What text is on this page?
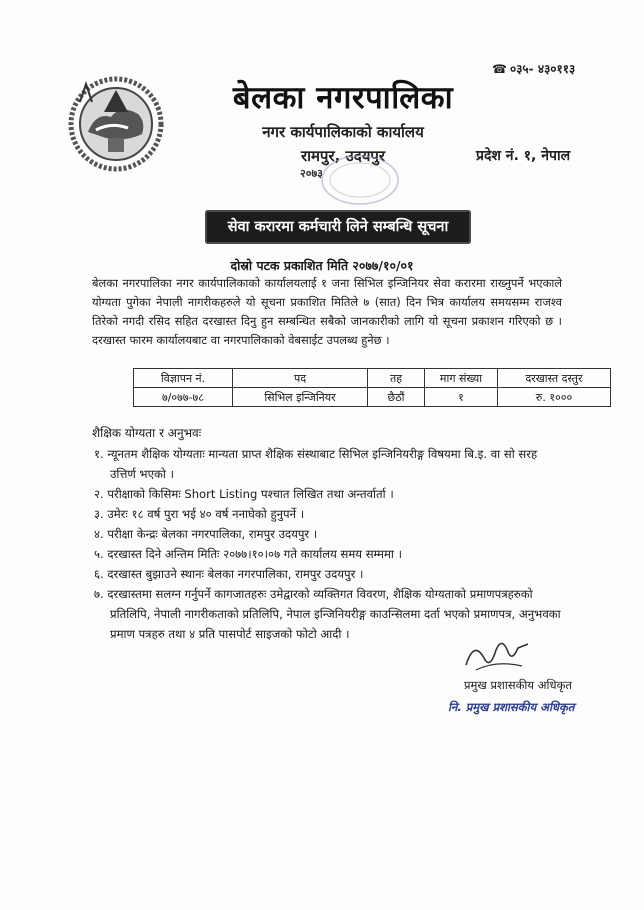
☎ ०३५- ४३०११३
बेलका नगरपालिका
नगर कार्यपालिकाको कार्यालय
रामपुर, उदयपुर
२०७३
प्रदेश नं. १, नेपाल
सेवा करारमा कर्मचारी लिने सम्बन्धि सूचना
दोस्रो पटक प्रकाशित मिति २०७७/१०/०१
बेलका नगरपालिका नगर कार्यपालिकाको कार्यालयलाई १ जना सिभिल इन्जिनियर सेवा करारमा राख्नुपर्ने भएकाले योग्यता पुगेका नेपाली नागरीकहरुले यो सूचना प्रकाशित मितिले ७ (सात) दिन भित्र कार्यालय समयसम्म राजश्व तिरेको नगदी रसिद सहित दरखास्त दिनु हुन सम्बन्धित सबैको जानकारीको लागि यो सूचना प्रकाशन गरिएको छ । दरखास्त फारम कार्यालयबाट वा नगरपालिकाको वेबसाईट उपलब्ध हुनेछ ।
विज्ञापन नं.	पद	तह	माग संख्या	दरखास्त दस्तुर
७/०७७-७८	सिभिल इन्जिनियर	छैठौं	१	रु. १०००
शैक्षिक योग्यता र अनुभवः
१. न्यूनतम शैक्षिक योग्यताः मान्यता प्राप्त शैक्षिक संस्थाबाट सिभिल इन्जिनियरीङ्ग विषयमा बि.इ. वा सो सरह उत्तिर्ण भएको ।
२. परीक्षाको किसिमः Short Listing पश्चात लिखित तथा अन्तर्वार्ता ।
३. उमेरः १८ वर्ष पुरा भई ४० वर्ष ननाघेको हुनुपर्ने ।
४. परीक्षा केन्द्रः बेलका नगरपालिका, रामपुर उदयपुर ।
५. दरखास्त दिने अन्तिम मितिः २०७७।१०।०७ गते कार्यालय समय सम्ममा ।
६. दरखास्त बुझाउने स्थानः बेलका नगरपालिका, रामपुर उदयपुर ।
७. दरखास्तमा सलग्न गर्नुपर्ने कागजातहरुः उमेद्वारको व्यक्तिगत विवरण, शैक्षिक योग्यताको प्रमाणपत्रहरुको प्रतिलिपि, नेपाली नागरीकताको प्रतिलिपि, नेपाल इन्जिनियरीङ्ग काउन्सिलमा दर्ता भएको प्रमाणपत्र, अनुभवका प्रमाण पत्रहरु तथा ४ प्रति पासपोर्ट साइजको फोटो आदी ।
प्रमुख प्रशासकीय अधिकृत
नि. प्रमुख प्रशासकीय अधिकृत
